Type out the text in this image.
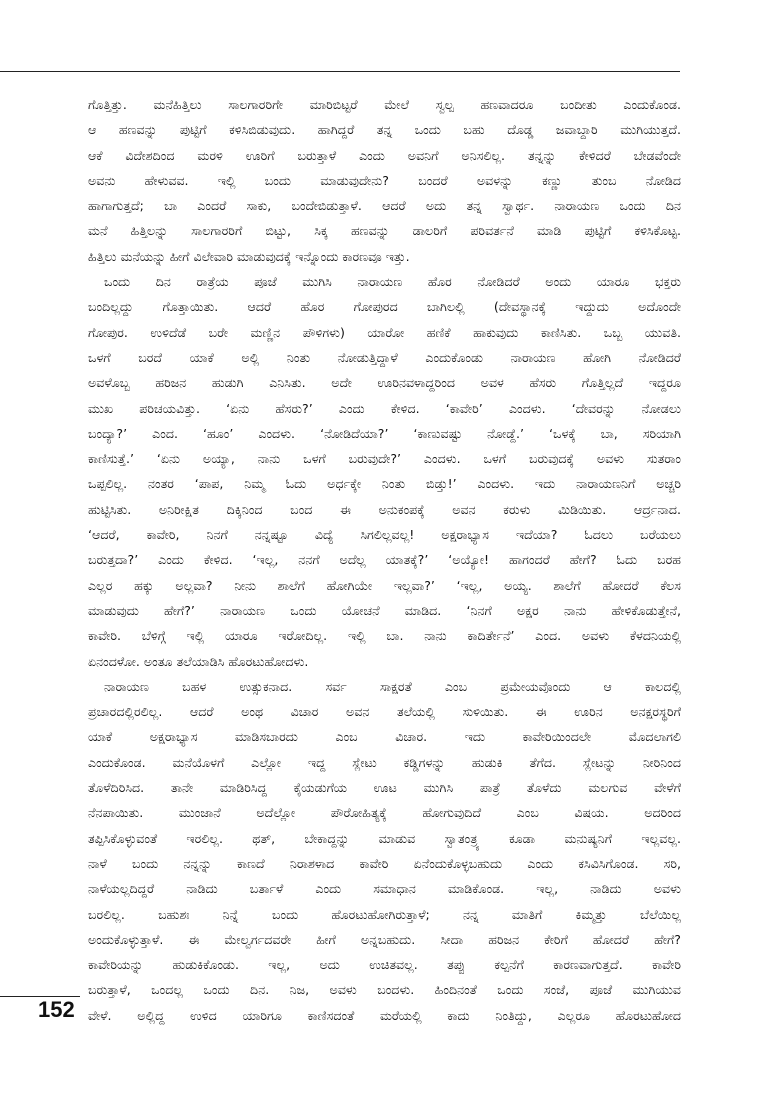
ಗೊತ್ತಿತ್ತು. ಮನೆಹಿತ್ತಿಲು ಸಾಲಗಾರರಿಗೇ ಮಾರಿಬಿಟ್ಟರೆ ಮೇಲೆ ಸ್ವಲ್ಪ ಹಣವಾದರೂ ಬಂದೀತು ಎಂದುಕೊಂಡ.
ಆ ಹಣವನ್ನು ಪುಟ್ಟಿಗೆ ಕಳಿಸಿಬಿಡುವುದು. ಹಾಗಿದ್ದರೆ ತನ್ನ ಒಂದು ಬಹು ದೊಡ್ಡ ಜವಾಬ್ದಾರಿ ಮುಗಿಯುತ್ತದೆ.
ಆಕೆ ವಿದೇಶದಿಂದ ಮರಳಿ ಊರಿಗೆ ಬರುತ್ತಾಳೆ ಎಂದು ಅವನಿಗೆ ಅನಿಸಲಿಲ್ಲ. ತನ್ನನ್ನು ಕೇಳಿದರೆ ಬೇಡವೆಂದೇ
ಅವನು ಹೇಳುವವ. ಇಲ್ಲಿ ಬಂದು ಮಾಡುವುದೇನು? ಬಂದರೆ ಅವಳನ್ನು ಕಣ್ಣು ತುಂಬ ನೋಡಿದ
ಹಾಗಾಗುತ್ತದೆ; ಬಾ ಎಂದರೆ ಸಾಕು, ಬಂದೇಬಿಡುತ್ತಾಳೆ. ಆದರೆ ಅದು ತನ್ನ ಸ್ವಾರ್ಥ. ನಾರಾಯಣ ಒಂದು ದಿನ
ಮನೆ ಹಿತ್ತಿಲನ್ನು ಸಾಲಗಾರರಿಗೆ ಬಿಟ್ಟು, ಸಿಕ್ಕ ಹಣವನ್ನು ಡಾಲರಿಗೆ ಪರಿವರ್ತನೆ ಮಾಡಿ ಪುಟ್ಟಿಗೆ ಕಳಿಸಿಕೊಟ್ಟ.
ಹಿತ್ತಿಲು ಮನೆಯನ್ನು ಹೀಗೆ ವಿಲೇವಾರಿ ಮಾಡುವುದಕ್ಕೆ ಇನ್ನೊಂದು ಕಾರಣವೂ ಇತ್ತು.
ಒಂದು ದಿನ ರಾತ್ರೆಯ ಪೂಜೆ ಮುಗಿಸಿ ನಾರಾಯಣ ಹೊರ ನೋಡಿದರೆ ಅಂದು ಯಾರೂ ಭಕ್ತರು
ಬಂದಿಲ್ಲದ್ದು ಗೊತ್ತಾಯಿತು. ಆದರೆ ಹೊರ ಗೋಪುರದ ಬಾಗಿಲಲ್ಲಿ (ದೇವಸ್ಥಾನಕ್ಕೆ ಇದ್ದುದು ಅದೊಂದೇ
ಗೋಪುರ. ಉಳಿದೆಡೆ ಬರೇ ಮಣ್ಣಿನ ಪೌಳಿಗಳು) ಯಾರೋ ಹಣಿಕೆ ಹಾಕುವುದು ಕಾಣಿಸಿತು. ಒಬ್ಬ ಯುವತಿ.
ಒಳಗೆ ಬರದೆ ಯಾಕೆ ಅಲ್ಲಿ ನಿಂತು ನೋಡುತ್ತಿದ್ದಾಳೆ ಎಂದುಕೊಂಡು ನಾರಾಯಣ ಹೋಗಿ ನೋಡಿದರೆ
ಅವಳೊಬ್ಬ ಹರಿಜನ ಹುಡುಗಿ ಎನಿಸಿತು. ಅದೇ ಊರಿನವಳಾದ್ದರಿಂದ ಅವಳ ಹೆಸರು ಗೊತ್ತಿಲ್ಲದೆ ಇದ್ದರೂ
ಮುಖ ಪರಿಚಯವಿತ್ತು. ‘ಏನು ಹೆಸರು?’ ಎಂದು ಕೇಳಿದ. ‘ಕಾವೇರಿ’ ಎಂದಳು. ‘ದೇವರನ್ನು ನೋಡಲು
ಬಂದ್ಯಾ?’ ಎಂದ. ‘ಹೂಂ’ ಎಂದಳು. ‘ನೋಡಿದೆಯಾ?’ ‘ಕಾಣುವಷ್ಟು ನೋಡ್ದೆ.’ ‘ಒಳಕ್ಕೆ ಬಾ, ಸರಿಯಾಗಿ
ಕಾಣಿಸುತ್ತೆ.’ ‘ಏನು ಅಯ್ಯಾ, ನಾನು ಒಳಗೆ ಬರುವುದೇ?’ ಎಂದಳು. ಒಳಗೆ ಬರುವುದಕ್ಕೆ ಅವಳು ಸುತರಾಂ
ಒಪ್ಪಲಿಲ್ಲ. ನಂತರ ‘ಪಾಪ, ನಿಮ್ಮ ಓದು ಅರ್ಧಕ್ಕೇ ನಿಂತು ಬಿಡ್ತು!’ ಎಂದಳು. ಇದು ನಾರಾಯಣನಿಗೆ ಅಚ್ಚರಿ
ಹುಟ್ಟಿಸಿತು. ಅನಿರೀಕ್ಷಿತ ದಿಕ್ಕಿನಿಂದ ಬಂದ ಈ ಅನುಕಂಪಕ್ಕೆ ಅವನ ಕರುಳು ಮಿಡಿಯಿತು. ಆರ್ದ್ರನಾದ.
‘ಆದರೆ, ಕಾವೇರಿ, ನಿನಗೆ ನನ್ನಷ್ಟೂ ವಿದ್ಯೆ ಸಿಗಲಿಲ್ಲವಲ್ಲ! ಅಕ್ಷರಾಭ್ಯಾಸ ಇದೆಯಾ? ಓದಲು ಬರೆಯಲು
ಬರುತ್ತದಾ?’ ಎಂದು ಕೇಳಿದ. ‘ಇಲ್ಲ, ನನಗೆ ಅದೆಲ್ಲ ಯಾತಕ್ಕೆ?’ ‘ಅಯ್ಯೋ! ಹಾಗಂದರೆ ಹೇಗೆ? ಓದು ಬರಹ
ಎಲ್ಲರ ಹಕ್ಕು ಅಲ್ಲವಾ? ನೀನು ಶಾಲೆಗೆ ಹೋಗಿಯೇ ಇಲ್ಲವಾ?’ ‘ಇಲ್ಲ, ಅಯ್ಯ. ಶಾಲೆಗೆ ಹೋದರೆ ಕೆಲಸ
ಮಾಡುವುದು ಹೇಗೆ?’ ನಾರಾಯಣ ಒಂದು ಯೋಚನೆ ಮಾಡಿದ. ‘ನಿನಗೆ ಅಕ್ಷರ ನಾನು ಹೇಳಿಕೊಡುತ್ತೇನೆ,
ಕಾವೇರಿ. ಬೆಳಿಗ್ಗೆ ಇಲ್ಲಿ ಯಾರೂ ಇರೋದಿಲ್ಲ. ಇಲ್ಲಿ ಬಾ. ನಾನು ಕಾದಿರ್ತೇನೆ’ ಎಂದ. ಅವಳು ಕೆಳದನಿಯಲ್ಲಿ
ಏನಂದಳೋ. ಅಂತೂ ತಲೆಯಾಡಿಸಿ ಹೊರಟುಹೋದಳು.
ನಾರಾಯಣ ಬಹಳ ಉತ್ಸುಕನಾದ. ಸರ್ವ ಸಾಕ್ಷರತೆ ಎಂಬ ಪ್ರಮೇಯವೊಂದು ಆ ಕಾಲದಲ್ಲಿ
ಪ್ರಚಾರದಲ್ಲಿರಲಿಲ್ಲ. ಆದರೆ ಅಂಥ ವಿಚಾರ ಅವನ ತಲೆಯಲ್ಲಿ ಸುಳಿಯಿತು. ಈ ಊರಿನ ಅನಕ್ಷರಸ್ಥರಿಗೆ
ಯಾಕೆ ಅಕ್ಷರಾಭ್ಯಾಸ ಮಾಡಿಸಬಾರದು ಎಂಬ ವಿಚಾರ. ಇದು ಕಾವೇರಿಯಿಂದಲೇ ಮೊದಲಾಗಲಿ
ಎಂದುಕೊಂಡ. ಮನೆಯೊಳಗೆ ಎಲ್ಲೋ ಇದ್ದ ಸ್ಲೇಟು ಕಡ್ಡಿಗಳನ್ನು ಹುಡುಕಿ ತೆಗೆದ. ಸ್ಲೇಟನ್ನು ನೀರಿನಿಂದ
ತೊಳೆದಿರಿಸಿದ. ತಾನೇ ಮಾಡಿರಿಸಿದ್ದ ಕೈಯಡುಗೆಯ ಊಟ ಮುಗಿಸಿ ಪಾತ್ರೆ ತೊಳೆದು ಮಲಗುವ ವೇಳೆಗೆ
ನೆನಪಾಯಿತು. ಮುಂಜಾನೆ ಅದೆಲ್ಲೋ ಪೌರೋಹಿತ್ಯಕ್ಕೆ ಹೋಗುವುದಿದೆ ಎಂಬ ವಿಷಯ. ಅದರಿಂದ
ತಪ್ಪಿಸಿಕೊಳ್ಳುವಂತೆ ಇರಲಿಲ್ಲ. ಥತ್, ಬೇಕಾದ್ದನ್ನು ಮಾಡುವ ಸ್ವಾತಂತ್ರ್ಯ ಕೂಡಾ ಮನುಷ್ಯನಿಗೆ ಇಲ್ಲವಲ್ಲ.
ನಾಳೆ ಬಂದು ನನ್ನನ್ನು ಕಾಣದೆ ನಿರಾಶಳಾದ ಕಾವೇರಿ ಏನೆಂದುಕೊಳ್ಳಬಹುದು ಎಂದು ಕಸಿವಿಸಿಗೊಂಡ. ಸರಿ,
ನಾಳೆಯಲ್ಲದಿದ್ದರೆ ನಾಡಿದು ಬರ್ತಾಳೆ ಎಂದು ಸಮಾಧಾನ ಮಾಡಿಕೊಂಡ. ಇಲ್ಲ, ನಾಡಿದು ಅವಳು
ಬರಲಿಲ್ಲ. ಬಹುಶಃ ನಿನ್ನೆ ಬಂದು ಹೊರಟುಹೋಗಿರುತ್ತಾಳೆ; ನನ್ನ ಮಾತಿಗೆ ಕಿಮ್ಮತ್ತು ಬೆಲೆಯಿಲ್ಲ
ಅಂದುಕೊಳ್ಳುತ್ತಾಳೆ. ಈ ಮೇಲ್ವರ್ಗದವರೇ ಹೀಗೆ ಅನ್ನಬಹುದು. ಸೀದಾ ಹರಿಜನ ಕೇರಿಗೆ ಹೋದರೆ ಹೇಗೆ?
ಕಾವೇರಿಯನ್ನು ಹುಡುಕಿಕೊಂಡು. ಇಲ್ಲ, ಅದು ಉಚಿತವಲ್ಲ. ತಪ್ಪು ಕಲ್ಪನೆಗೆ ಕಾರಣವಾಗುತ್ತದೆ. ಕಾವೇರಿ
ಬರುತ್ತಾಳೆ, ಒಂದಲ್ಲ ಒಂದು ದಿನ. ನಿಜ, ಅವಳು ಬಂದಳು. ಹಿಂದಿನಂತೆ ಒಂದು ಸಂಜೆ, ಪೂಜೆ ಮುಗಿಯುವ
ವೇಳೆ. ಅಲ್ಲಿದ್ದ ಉಳಿದ ಯಾರಿಗೂ ಕಾಣಿಸದಂತೆ ಮರೆಯಲ್ಲಿ ಕಾದು ನಿಂತಿದ್ದು, ಎಲ್ಲರೂ ಹೊರಟುಹೋದ
152
